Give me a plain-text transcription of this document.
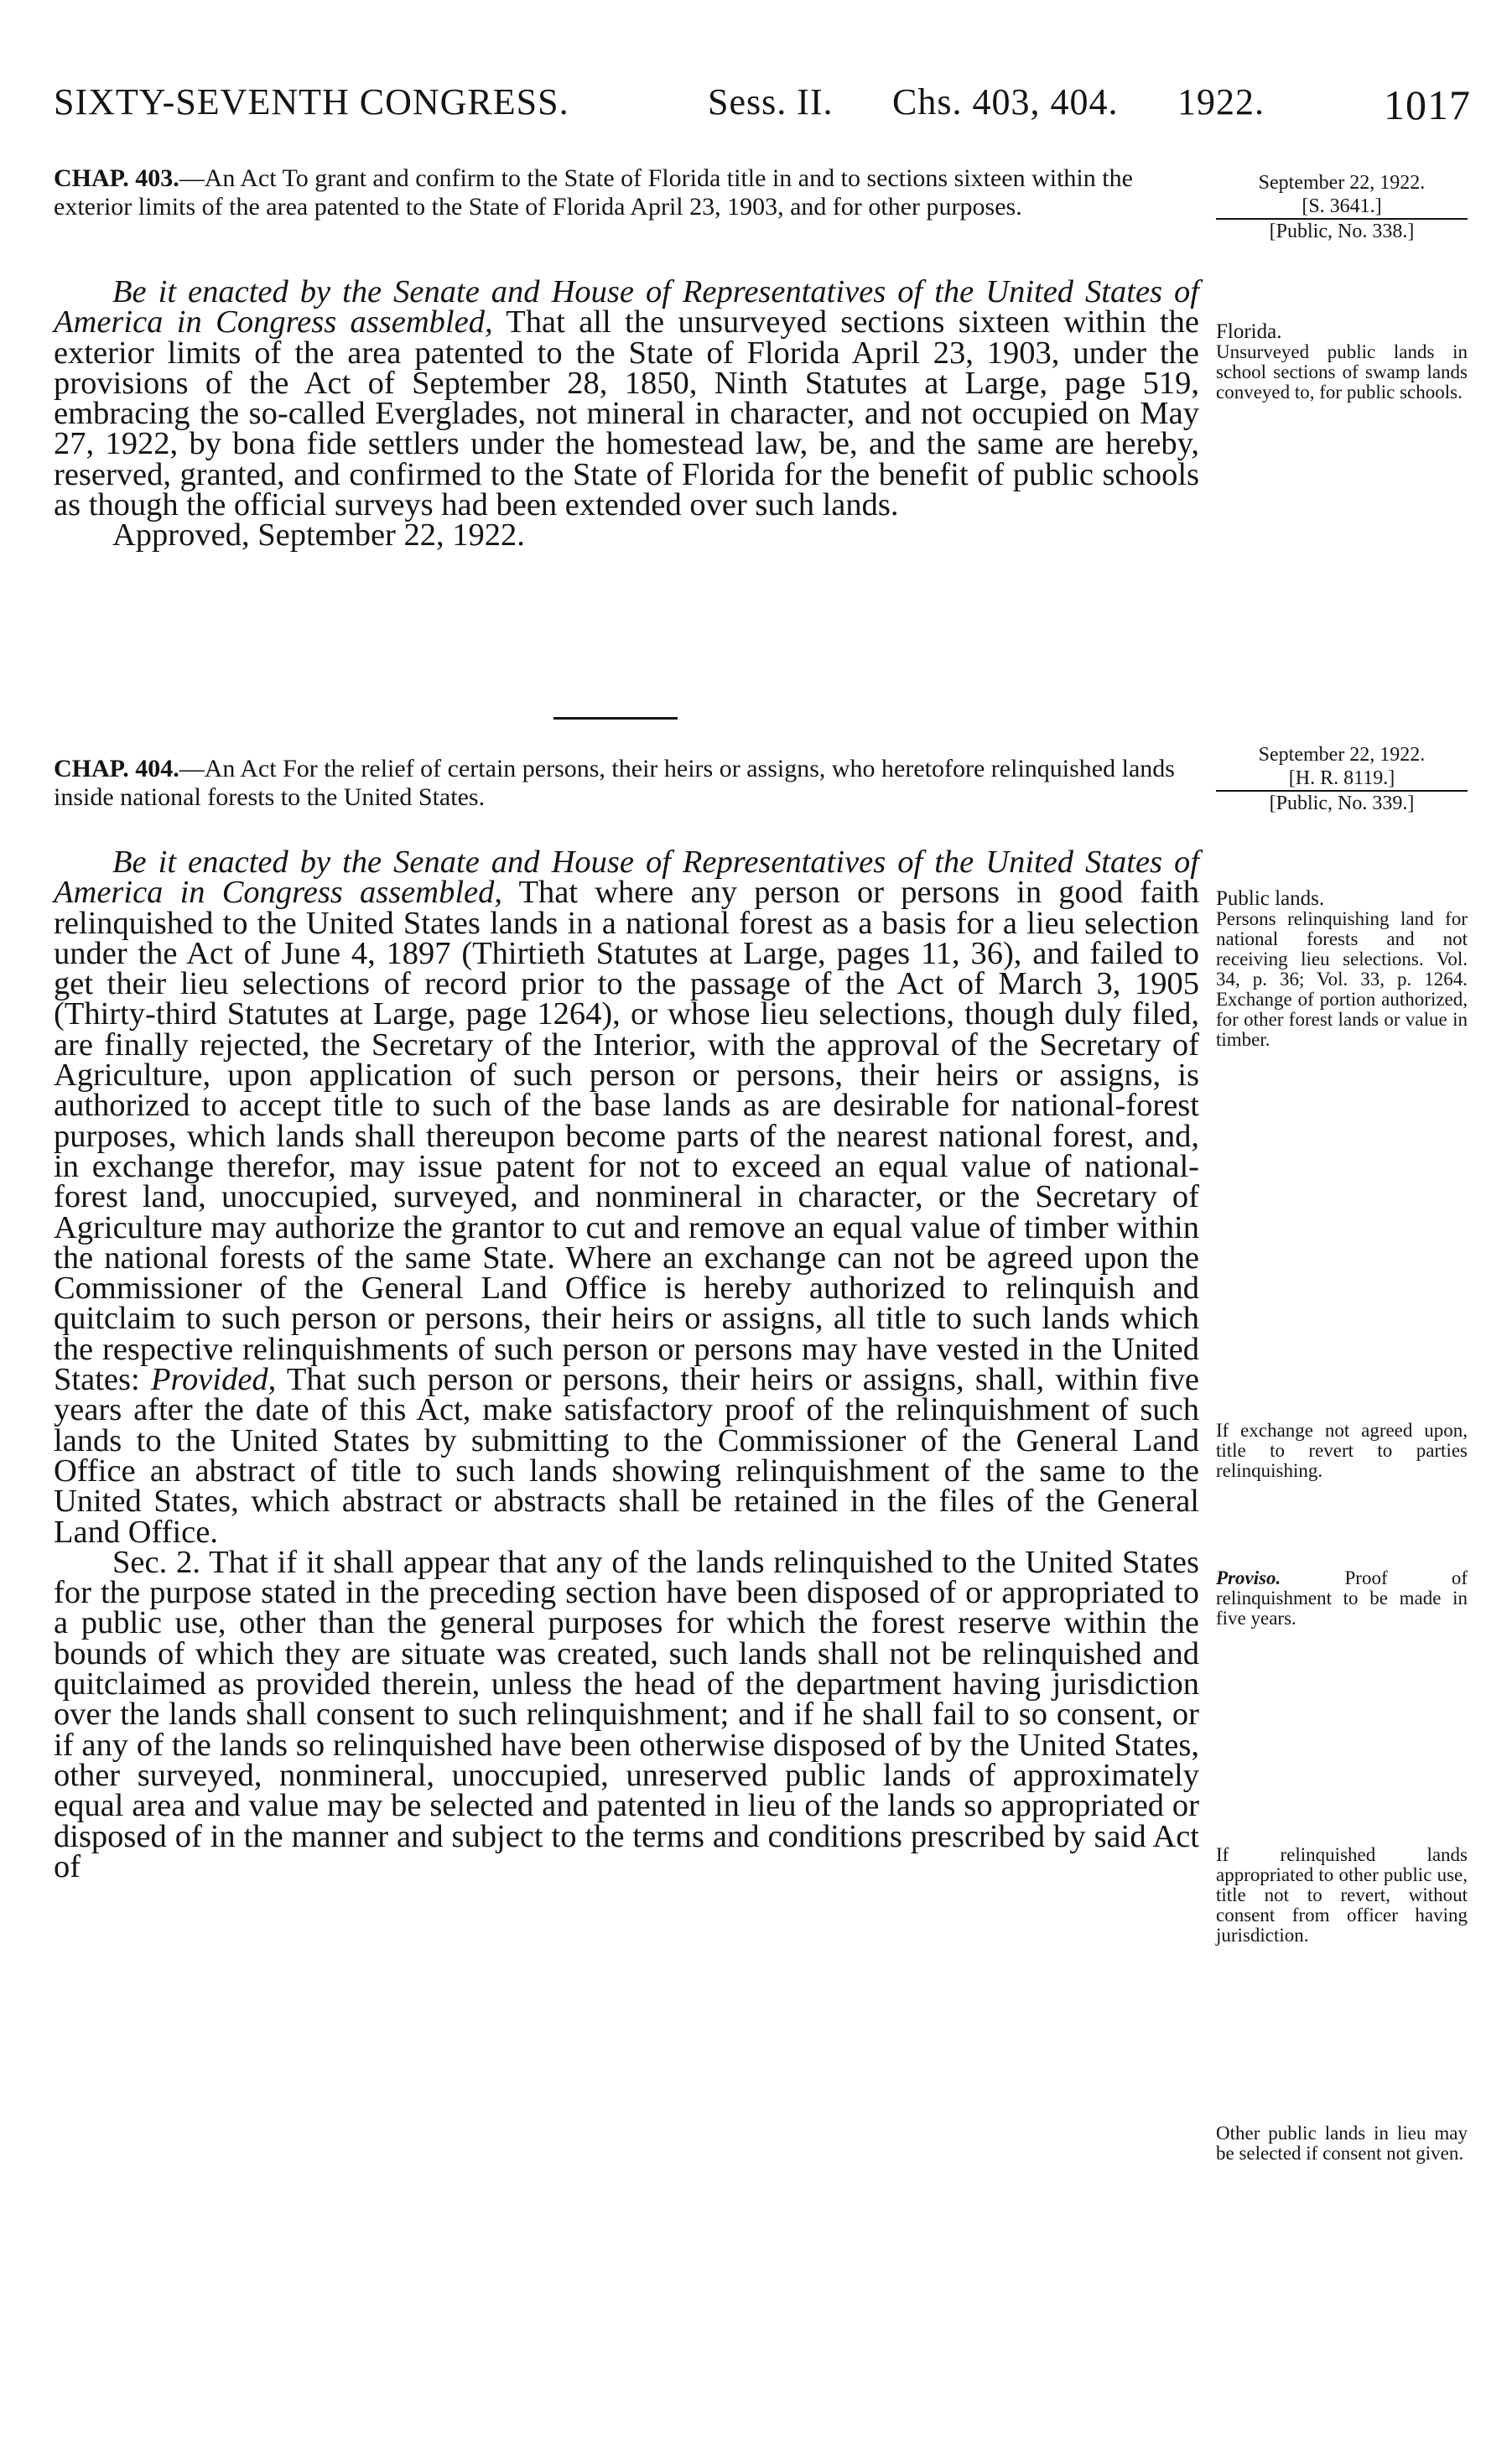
SIXTY-SEVENTH CONGRESS.	Sess. II. Chs. 403, 404. 1922.	1017
CHAP. 403.—An Act To grant and confirm to the State of Florida title in and to sections sixteen within the exterior limits of the area patented to the State of Florida April 23, 1903, and for other purposes.
September 22, 1922.
[S. 3641.]
[Public, No. 338.]

Be it enacted by the Senate and House of Representatives of the United States of America in Congress assembled, That all the unsurveyed sections sixteen within the exterior limits of the area patented to the State of Florida April 23, 1903, under the provisions of the Act of September 28, 1850, Ninth Statutes at Large, page 519, embracing the so-called Everglades, not mineral in character, and not occupied on May 27, 1922, by bona fide settlers under the homestead law, be, and the same are hereby, reserved, granted, and confirmed to the State of Florida for the benefit of public schools as though the official surveys had been extended over such lands.

Approved, September 22, 1922.

Florida.
Unsurveyed public lands in school sections of swamp lands conveyed to, for public schools.
CHAP. 404.—An Act For the relief of certain persons, their heirs or assigns, who heretofore relinquished lands inside national forests to the United States.
September 22, 1922.
[H. R. 8119.]
[Public, No. 339.]

Be it enacted by the Senate and House of Representatives of the United States of America in Congress assembled, That where any person or persons in good faith relinquished to the United States lands in a national forest as a basis for a lieu selection under the Act of June 4, 1897 (Thirtieth Statutes at Large, pages 11, 36), and failed to get their lieu selections of record prior to the passage of the Act of March 3, 1905 (Thirty-third Statutes at Large, page 1264), or whose lieu selections, though duly filed, are finally rejected, the Secretary of the Interior, with the approval of the Secretary of Agriculture, upon application of such person or persons, their heirs or assigns, is authorized to accept title to such of the base lands as are desirable for national-forest purposes, which lands shall thereupon become parts of the nearest national forest, and, in exchange therefor, may issue patent for not to exceed an equal value of national-forest land, unoccupied, surveyed, and nonmineral in character, or the Secretary of Agriculture may authorize the grantor to cut and remove an equal value of timber within the national forests of the same State. Where an exchange can not be agreed upon the Commissioner of the General Land Office is hereby authorized to relinquish and quitclaim to such person or persons, their heirs or assigns, all title to such lands which the respective relinquishments of such person or persons may have vested in the United States: Provided, That such person or persons, their heirs or assigns, shall, within five years after the date of this Act, make satisfactory proof of the relinquishment of such lands to the United States by submitting to the Commissioner of the General Land Office an abstract of title to such lands showing relinquishment of the same to the United States, which abstract or abstracts shall be retained in the files of the General Land Office.

Sec. 2. That if it shall appear that any of the lands relinquished to the United States for the purpose stated in the preceding section have been disposed of or appropriated to a public use, other than the general purposes for which the forest reserve within the bounds of which they are situate was created, such lands shall not be relinquished and quitclaimed as provided therein, unless the head of the department having jurisdiction over the lands shall consent to such relinquishment; and if he shall fail to so consent, or if any of the lands so relinquished have been otherwise disposed of by the United States, other surveyed, nonmineral, unoccupied, unreserved public lands of approximately equal area and value may be selected and patented in lieu of the lands so appropriated or disposed of in the manner and subject to the terms and conditions prescribed by said Act of

Public lands.
Persons relinquishing land for national forests and not receiving lieu selections. Vol. 34, p. 36; Vol. 33, p. 1264. Exchange of portion authorized, for other forest lands or value in timber.
If exchange not agreed upon, title to revert to parties relinquishing.
Proviso.	Proof of relinquishment to be made in five years.
If relinquished lands appropriated to other public use, title not to revert, without consent from officer having jurisdiction.
Other public lands in lieu may be selected if consent not given.
